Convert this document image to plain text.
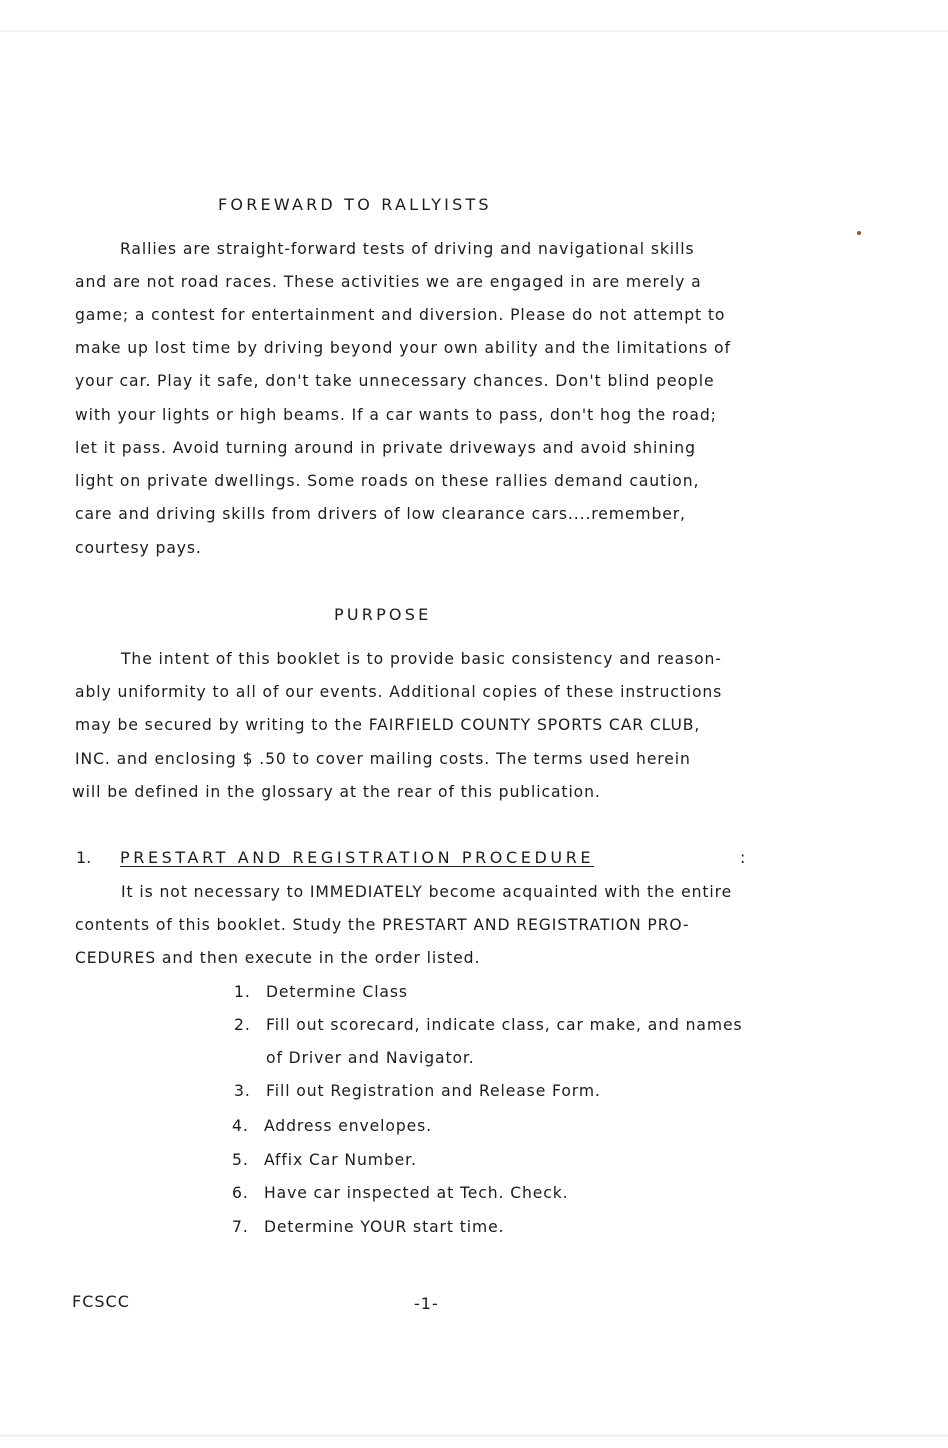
FOREWARD TO RALLYISTS
Rallies are straight-forward tests of driving and navigational skills
and are not road races. These activities we are engaged in are merely a
game; a contest for entertainment and diversion. Please do not attempt to
make up lost time by driving beyond your own ability and the limitations of
your car. Play it safe, don't take unnecessary chances. Don't blind people
with your lights or high beams. If a car wants to pass, don't hog the road;
let it pass. Avoid turning around in private driveways and avoid shining
light on private dwellings. Some roads on these rallies demand caution,
care and driving skills from drivers of low clearance cars....remember,
courtesy pays.
PURPOSE
The intent of this booklet is to provide basic consistency and reason-
ably uniformity to all of our events. Additional copies of these instructions
may be secured by writing to the FAIRFIELD COUNTY SPORTS CAR CLUB,
INC. and enclosing $ .50 to cover mailing costs. The terms used herein
will be defined in the glossary at the rear of this publication.
1. PRESTART AND REGISTRATION PROCEDURE	:
It is not necessary to IMMEDIATELY become acquainted with the entire
contents of this booklet. Study the PRESTART AND REGISTRATION PRO-
CEDURES and then execute in the order listed.
1. Determine Class
2. Fill out scorecard, indicate class, car make, and names
of Driver and Navigator.
3. Fill out Registration and Release Form.
4. Address envelopes.
5. Affix Car Number.
6. Have car inspected at Tech. Check.
7. Determine YOUR start time.
FCSCC	-1-
